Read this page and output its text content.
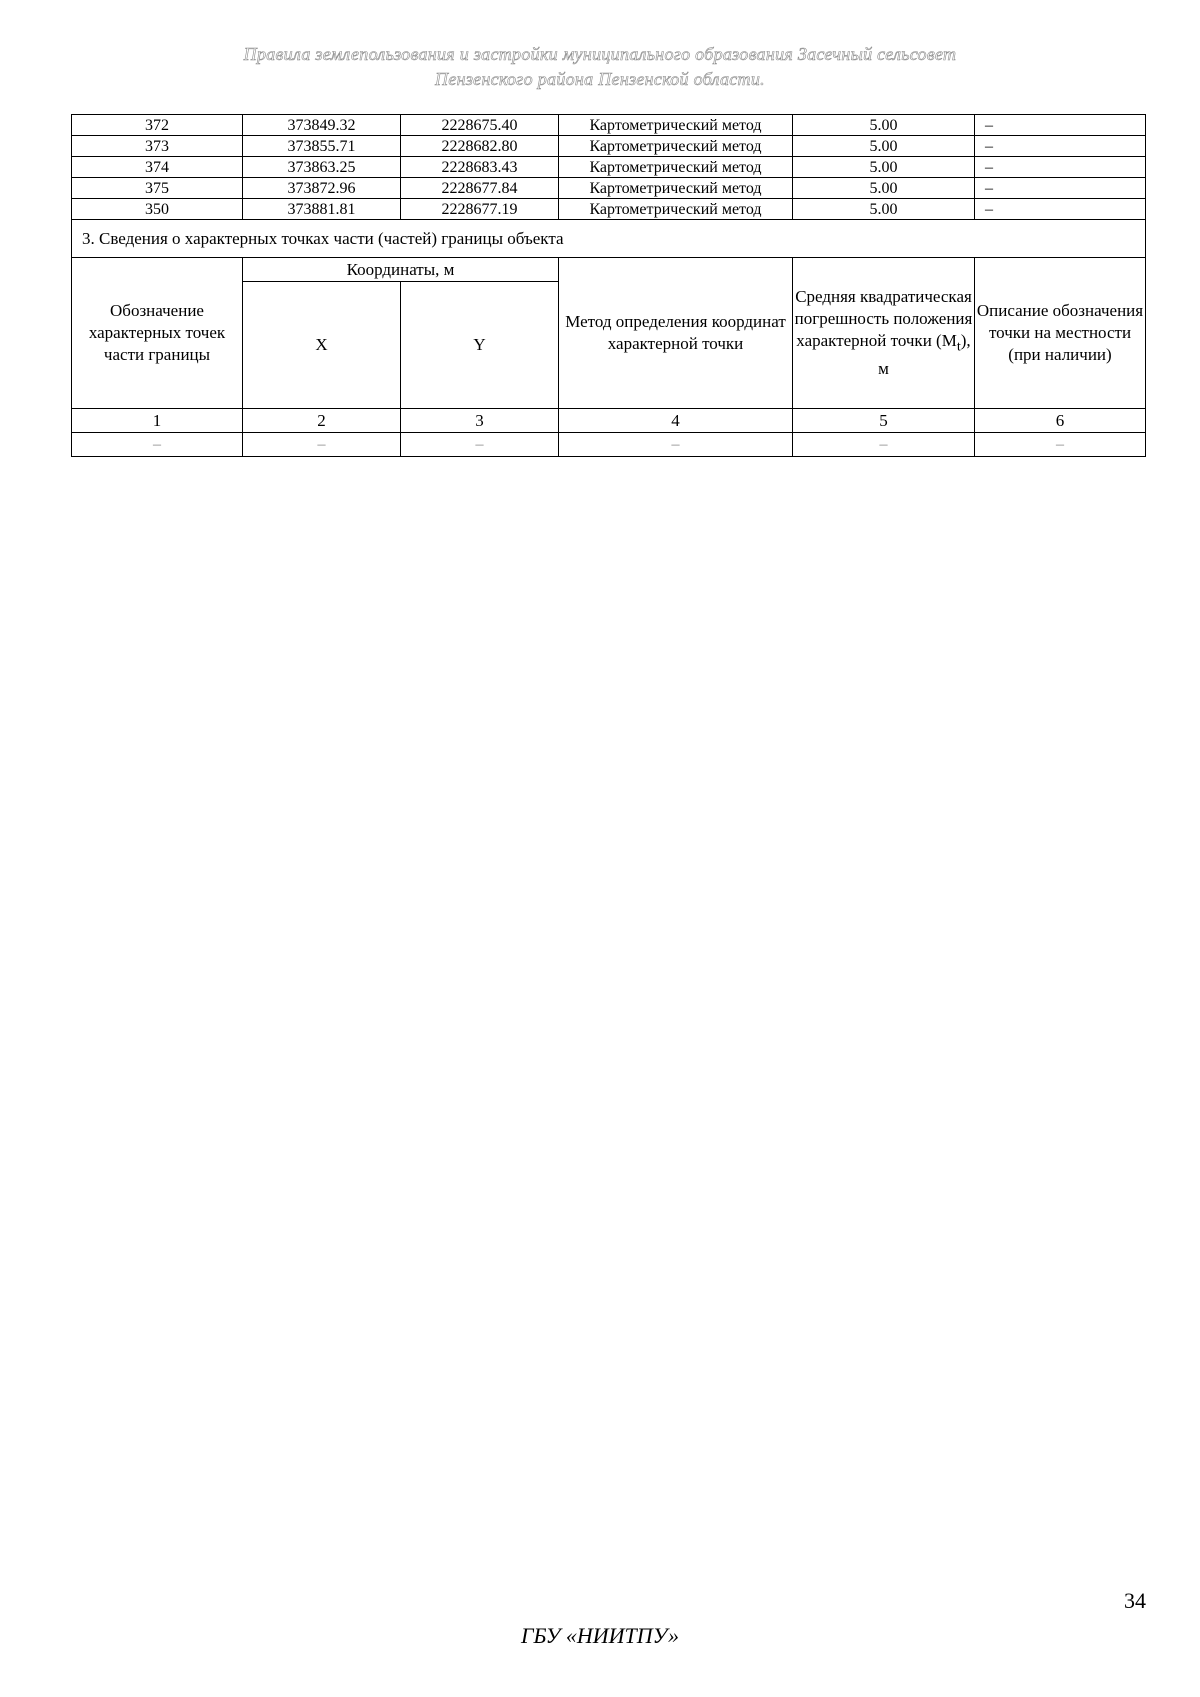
Правила землепользования и застройки муниципального образования Засечный сельсовет
Пензенского района Пензенской области.
372	373849.32	2228675.40	Картометрический метод	5.00	–
373	373855.71	2228682.80	Картометрический метод	5.00	–
374	373863.25	2228683.43	Картометрический метод	5.00	–
375	373872.96	2228677.84	Картометрический метод	5.00	–
350	373881.81	2228677.19	Картометрический метод	5.00	–
3. Сведения о характерных точках части (частей) границы объекта					
Обозначение характерных точек части границы	Координаты, м		Метод определения координат характерной точки	Средняя квадратическая погрешность положения характерной точки $(M_t)$, м	Описание обозначения точки на местности (при наличии)
	X	Y			
1	2	3	4	5	6
–	–	–	–	–	–
34
ГБУ «НИИТПУ»
